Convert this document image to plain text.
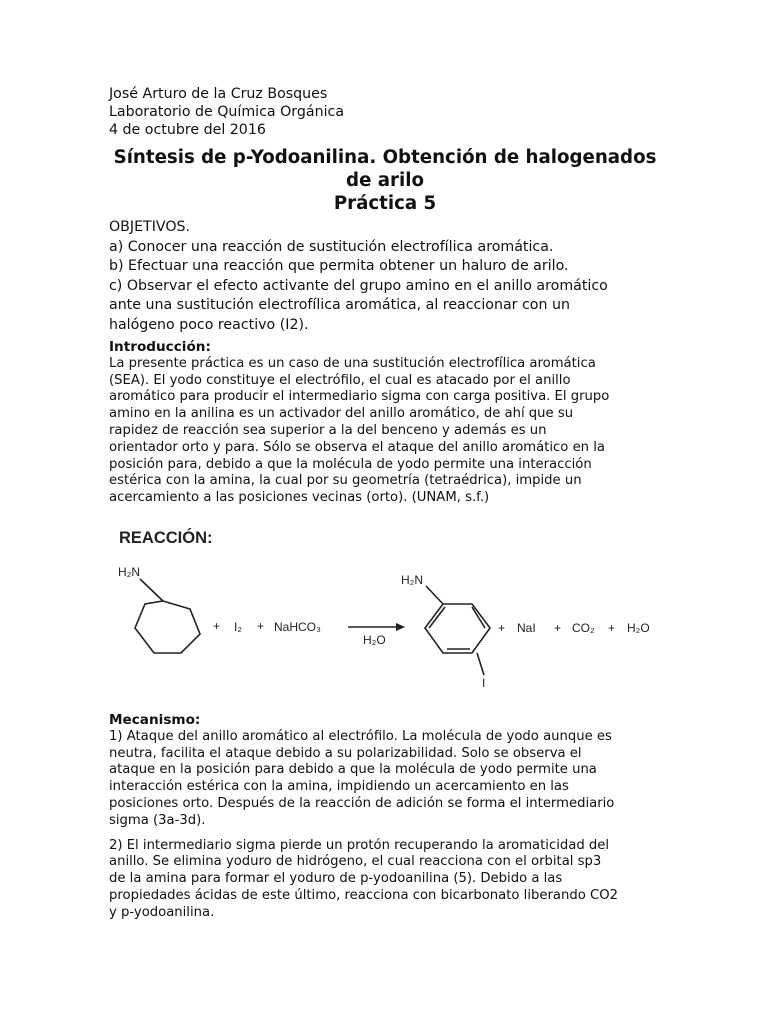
José Arturo de la Cruz Bosques
Laboratorio de Química Orgánica
4 de octubre del 2016
Síntesis de p-Yodoanilina. Obtención de halogenados
de arilo
Práctica 5

OBJETIVOS.

a) Conocer una reacción de sustitución electrofílica aromática.

b) Efectuar una reacción que permita obtener un haluro de arilo.

c) Observar el efecto activante del grupo amino en el anillo aromático

ante una sustitución electrofílica aromática, al reaccionar con un

halógeno poco reactivo (I2).

Introducción:
La presente práctica es un caso de una sustitución electrofílica aromática
(SEA). El yodo constituye el electrófilo, el cual es atacado por el anillo
aromático para producir el intermediario sigma con carga positiva. El grupo
amino en la anilina es un activador del anillo aromático, de ahí que su
rapidez de reacción sea superior a la del benceno y además es un
orientador orto y para. Sólo se observa el ataque del anillo aromático en la
posición para, debido a que la molécula de yodo permite una interacción
estérica con la amina, la cual por su geometría (tetraédrica), impide un
acercamiento a las posiciones vecinas (orto). (UNAM, s.f.)
REACCIÓN:
H₂N
+ I₂ + NaHCO₃
H₂O
H₂N
I
+ NaI + CO₂ + H₂O
Mecanismo:
1) Ataque del anillo aromático al electrófilo. La molécula de yodo aunque es
neutra, facilita el ataque debido a su polarizabilidad. Solo se observa el
ataque en la posición para debido a que la molécula de yodo permite una
interacción estérica con la amina, impidiendo un acercamiento en las
posiciones orto. Después de la reacción de adición se forma el intermediario
sigma (3a-3d).
2) El intermediario sigma pierde un protón recuperando la aromaticidad del
anillo. Se elimina yoduro de hidrógeno, el cual reacciona con el orbital sp3
de la amina para formar el yoduro de p-yodoanilina (5). Debido a las
propiedades ácidas de este último, reacciona con bicarbonato liberando CO2
y p-yodoanilina.
